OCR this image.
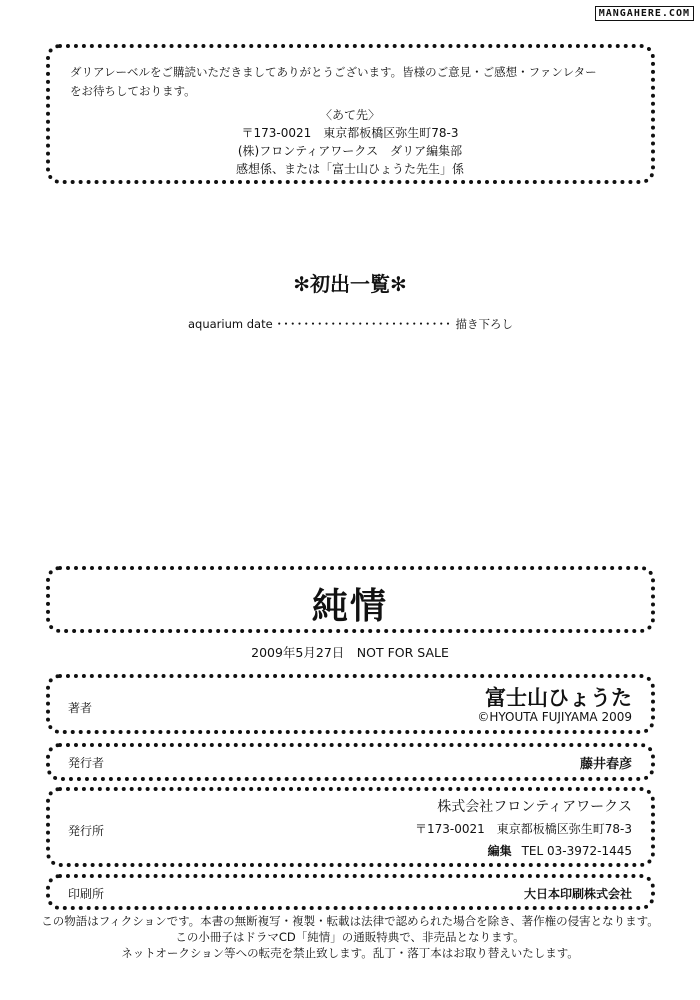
MANGAHERE.COM
ダリアレーベルをご購読いただきましてありがとうございます。皆様のご意見・ご感想・ファンレター
をお待ちしております。
〈あて先〉
〒173-0021　東京都板橋区弥生町78-3
(株)フロンティアワークス　ダリア編集部
感想係、または「富士山ひょうた先生」係
✻初出一覧✻
aquarium date ･･････････････････････････ 描き下ろし
純情
2009年5月27日　NOT FOR SALE
著者	富士山ひょうた
©HYOUTA FUJIYAMA 2009
発行者	藤井春彦
発行所
株式会社フロンティアワークス
〒173-0021　東京都板橋区弥生町78-3
編集 TEL 03-3972-1445
印刷所	大日本印刷株式会社
この物語はフィクションです。本書の無断複写・複製・転載は法律で認められた場合を除き、著作権の侵害となります。
この小冊子はドラマCD「純情」の通販特典で、非売品となります。
ネットオークション等への転売を禁止致します。乱丁・落丁本はお取り替えいたします。
